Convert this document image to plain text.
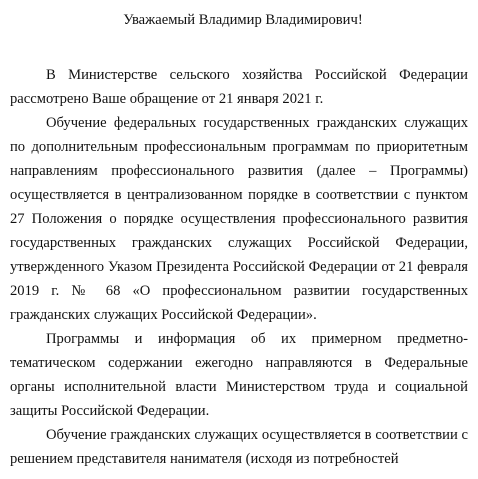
Уважаемый Владимир Владимирович!

В Министерстве сельского хозяйства Российской Федерации рассмотрено Ваше обращение от 21 января 2021 г.

Обучение федеральных государственных гражданских служащих по дополнительным профессиональным программам по приоритетным направлениям профессионального развития (далее – Программы) осуществляется в централизованном порядке в соответствии с пунктом 27 Положения о порядке осуществления профессионального развития государственных гражданских служащих Российской Федерации, утвержденного Указом Президента Российской Федерации от 21 февраля 2019 г. № 68 «О профессиональном развитии государственных гражданских служащих Российской Федерации».

Программы и информация об их примерном предметно-тематическом содержании ежегодно направляются в Федеральные органы исполнительной власти Министерством труда и социальной защиты Российской Федерации.

Обучение гражданских служащих осуществляется в соответствии с решением представителя нанимателя (исходя из потребностей
